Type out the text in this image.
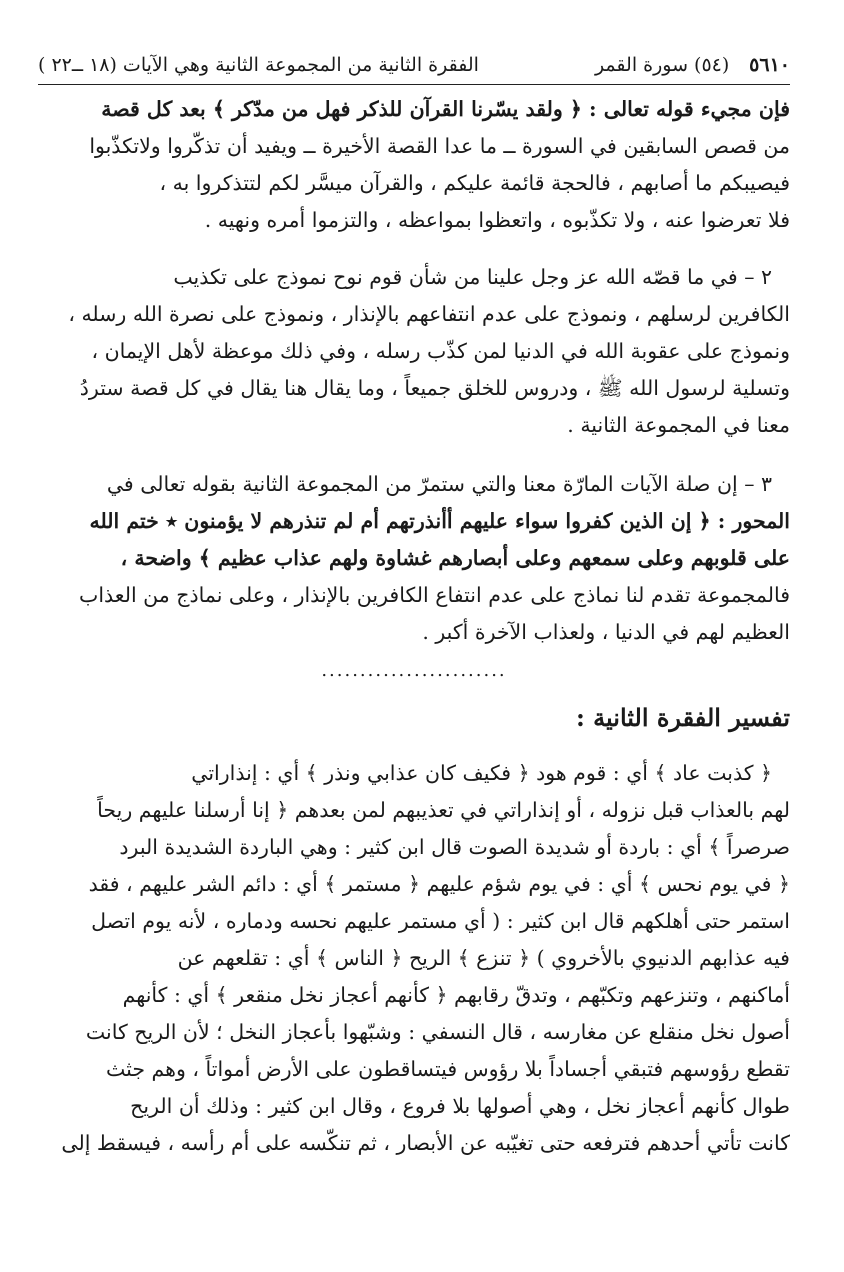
٥٦١٠   (٥٤) سورة القمر
الفقرة الثانية من المجموعة الثانية وهي الآيات (١٨ ــ٢٢ )

فإن مجيء قوله تعالى : ﴿ ولقد يسّرنا القرآن للذكر فهل من مدّكر ﴾ بعد كل قصة
من قصص السابقين في السورة ــ ما عدا القصة الأخيرة ــ ويفيد أن تذكّروا ولاتكذّبوا
فيصيبكم ما أصابهم ، فالحجة قائمة عليكم ، والقرآن ميسَّر لكم لتتذكروا به ،
فلا تعرضوا عنه ، ولا تكذّبوه ، واتعظوا بمواعظه ، والتزموا أمره ونهيه .

٢ – في ما قصّه الله عز وجل علينا من شأن قوم نوح نموذج على تكذيب
الكافرين لرسلهم ، ونموذج على عدم انتفاعهم بالإنذار ، ونموذج على نصرة الله رسله ،
ونموذج على عقوبة الله في الدنيا لمن كذّب رسله ، وفي ذلك موعظة لأهل الإيمان ،
وتسلية لرسول الله ﷺ ، ودروس للخلق جميعاً ، وما يقال هنا يقال في كل قصة ستردُ
معنا في المجموعة الثانية .

٣ – إن صلة الآيات المارّة معنا والتي ستمرّ من المجموعة الثانية بقوله تعالى في
المحور : ﴿ إن الذين كفروا سواء عليهم أأنذرتهم أم لم تنذرهم لا يؤمنون ٭ ختم الله
على قلوبهم وعلى سمعهم وعلى أبصارهم غشاوة ولهم عذاب عظيم ﴾ واضحة ،
فالمجموعة تقدم لنا نماذج على عدم انتفاع الكافرين بالإنذار ، وعلى نماذج من العذاب
العظيم لهم في الدنيا ، ولعذاب الآخرة أكبر .

........................
تفسير الفقرة الثانية :

﴿ كذبت عاد ﴾ أي : قوم هود ﴿ فكيف كان عذابي ونذر ﴾ أي : إنذاراتي
لهم بالعذاب قبل نزوله ، أو إنذاراتي في تعذيبهم لمن بعدهم ﴿ إنا أرسلنا عليهم ريحاً
صرصراً ﴾ أي : باردة أو شديدة الصوت قال ابن كثير : وهي الباردة الشديدة البرد
﴿ في يوم نحس ﴾ أي : في يوم شؤم عليهم ﴿ مستمر ﴾ أي : دائم الشر عليهم ، فقد
استمر حتى أهلكهم قال ابن كثير : ( أي مستمر عليهم نحسه ودماره ، لأنه يوم اتصل
فيه عذابهم الدنيوي بالأخروي ) ﴿ تنزع ﴾ الريح ﴿ الناس ﴾ أي : تقلعهم عن
أماكنهم ، وتنزعهم وتكبّهم ، وتدقّ رقابهم ﴿ كأنهم أعجاز نخل منقعر ﴾ أي : كأنهم
أصول نخل منقلع عن مغارسه ، قال النسفي : وشبّهوا بأعجاز النخل ؛ لأن الريح كانت
تقطع رؤوسهم فتبقي أجساداً بلا رؤوس فيتساقطون على الأرض أمواتاً ، وهم جثث
طوال كأنهم أعجاز نخل ، وهي أصولها بلا فروع ، وقال ابن كثير : وذلك أن الريح
كانت تأتي أحدهم فترفعه حتى تغيّبه عن الأبصار ، ثم تنكّسه على أم رأسه ، فيسقط إلى
